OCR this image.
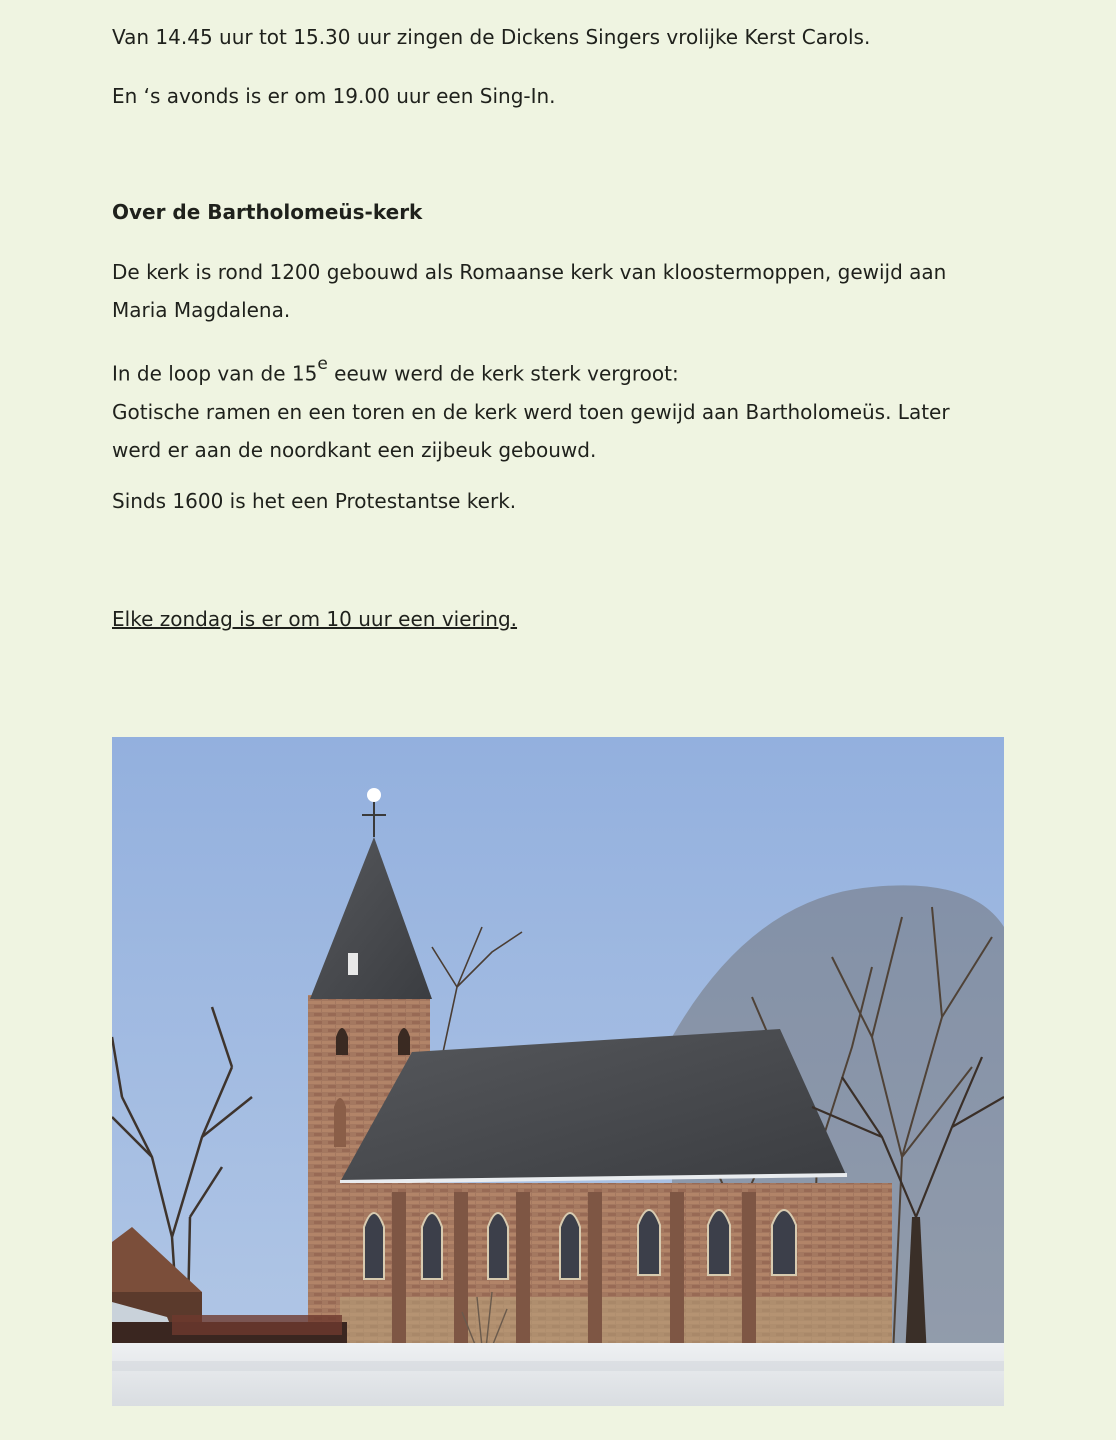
Van 14.45 uur tot 15.30 uur zingen de Dickens Singers vrolijke Kerst Carols.

En ‘s avonds is er om 19.00 uur een Sing-In.

Over de Bartholomeüs-kerk

De kerk is rond 1200 gebouwd als Romaanse kerk van kloostermoppen, gewijd aan Maria Magdalena.

In de loop van de 15e eeuw werd de kerk sterk vergroot:
Gotische ramen en een toren en de kerk werd toen gewijd aan Bartholomeüs. Later werd er aan de noordkant een zijbeuk gebouwd.

Sinds 1600 is het een Protestantse kerk.

Elke zondag is er om 10 uur een viering.
